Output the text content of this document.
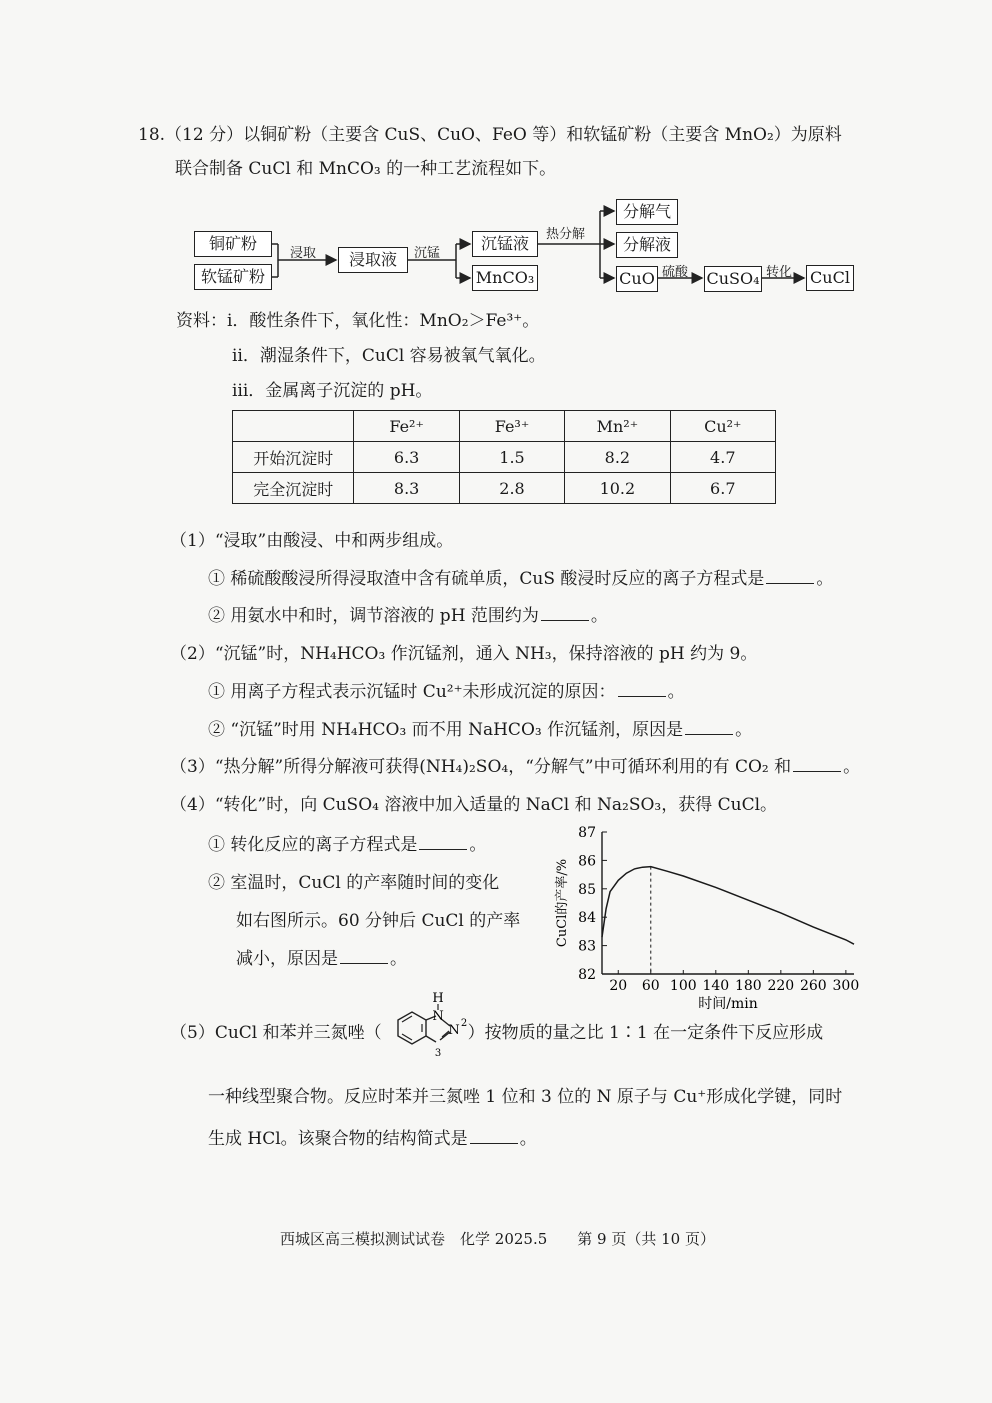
18.（12 分）以铜矿粉（主要含 CuS、CuO、FeO 等）和软锰矿粉（主要含 MnO₂）为原料
联合制备 CuCl 和 MnCO₃ 的一种工艺流程如下。
铜矿粉
软锰矿粉
浸取	浸取液	沉锰
沉锰液
MnCO₃
热分解
分解气
分解液
CuO 硫酸 CuSO₄ 转化 CuCl
资料：ⅰ．酸性条件下，氧化性：MnO₂＞Fe³⁺。
ⅱ．潮湿条件下，CuCl 容易被氧气氧化。
ⅲ．金属离子沉淀的 pH。
	Fe²⁺	Fe³⁺	Mn²⁺	Cu²⁺
开始沉淀时	6.3	1.5	8.2	4.7
完全沉淀时	8.3	2.8	10.2	6.7
（1）“浸取”由酸浸、中和两步组成。
① 稀硫酸酸浸所得浸取渣中含有硫单质，CuS 酸浸时反应的离子方程式是	。
② 用氨水中和时，调节溶液的 pH 范围约为	。
（2）“沉锰”时，NH₄HCO₃ 作沉锰剂，通入 NH₃，保持溶液的 pH 约为 9。
① 用离子方程式表示沉锰时 Cu²⁺未形成沉淀的原因：	。
② “沉锰”时用 NH₄HCO₃ 而不用 NaHCO₃ 作沉锰剂，原因是	。
（3）“热分解”所得分解液可获得(NH₄)₂SO₄，“分解气”中可循环利用的有 CO₂ 和	。
（4）“转化”时，向 CuSO₄ 溶液中加入适量的 NaCl 和 Na₂SO₃，获得 CuCl。
① 转化反应的离子方程式是	。
② 室温时，CuCl 的产率随时间的变化
如右图所示。60 分钟后 CuCl 的产率
减小，原因是	。
82
83
84
85
86
87
20 60 100 140 180 220 260 300
时间/min
CuCl的产率/%
（5）CuCl 和苯并三氮唑（	）按物质的量之比 1∶1 在一定条件下反应形成
H
N
N 2
3
一种线型聚合物。反应时苯并三氮唑 1 位和 3 位的 N 原子与 Cu⁺形成化学键，同时
生成 HCl。该聚合物的结构简式是	。
西城区高三模拟测试试卷　化学 2025.5　　第 9 页（共 10 页）
